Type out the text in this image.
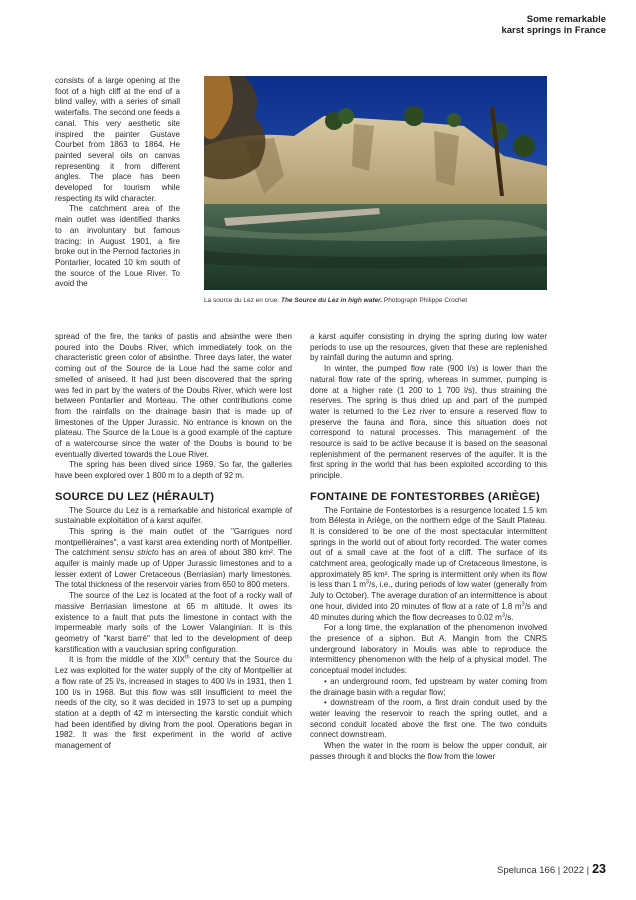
Some remarkable
karst springs in France

consists of a large opening at the foot of a high cliff at the end of a blind valley, with a series of small waterfalls. The second one feeds a canal. This very aesthetic site inspired the painter Gustave Courbet from 1863 to 1864. He painted several oils on canvas representing it from different angles. The place has been developed for tourism while respecting its wild character.

The catchment area of the main outlet was identified thanks to an involuntary but famous tracing: in August 1901, a fire broke out in the Pernod factories in Pontarlier, located 10 km south of the source of the Loue River. To avoid the

La source du Lez en crue. The Source du Lez in high water. Photograph Philippe Crochet

spread of the fire, the tanks of pastis and absinthe were then poured into the Doubs River, which immediately took on the characteristic green color of absinthe. Three days later, the water coming out of the Source de la Loue had the same color and smelled of aniseed. It had just been discovered that the spring was fed in part by the waters of the Doubs River, which were lost between Pontarlier and Morteau. The other contributions come from the rainfalls on the drainage basin that is made up of limestones of the Upper Jurassic. No entrance is known on the plateau. The Source de la Loue is a good example of the capture of a watercourse since the water of the Doubs is bound to be eventually diverted towards the Loue River.

The spring has been dived since 1969. So far, the galleries have been explored over 1 800 m to a depth of 92 m.

SOURCE DU LEZ (HÉRAULT)

The Source du Lez is a remarkable and historical example of sustainable exploitation of a karst aquifer.

This spring is the main outlet of the "Garrigues nord montpelliéraines", a vast karst area extending north of Montpellier. The catchment sensu stricto has an area of about 380 km². The aquifer is mainly made up of Upper Jurassic limestones and to a lesser extent of Lower Cretaceous (Berriasian) marly limestones. The total thickness of the reservoir varies from 650 to 800 meters.

The source of the Lez is located at the foot of a rocky wall of massive Berriasian limestone at 65 m altitude. It owes its existence to a fault that puts the limestone in contact with the impermeable marly soils of the Lower Valanginian. It is this geometry of "karst barré" that led to the development of deep karstification with a vauclusian spring configuration.

It is from the middle of the XIXth century that the Source du Lez was exploited for the water supply of the city of Montpellier at a flow rate of 25 l/s, increased in stages to 400 l/s in 1931, then 1 100 l/s in 1968. But this flow was still insufficient to meet the needs of the city, so it was decided in 1973 to set up a pumping station at a depth of 42 m intersecting the karstic conduit which had been identified by diving from the pool. Operations began in 1982. It was the first experiment in the world of active management of

a karst aquifer consisting in drying the spring during low water periods to use up the resources, given that these are replenished by rainfall during the autumn and spring.

In winter, the pumped flow rate (900 l/s) is lower than the natural flow rate of the spring, whereas in summer, pumping is done at a higher rate (1 200 to 1 700 l/s), thus straining the reserves. The spring is thus dried up and part of the pumped water is returned to the Lez river to ensure a reserved flow to preserve the fauna and flora, since this situation does not correspond to natural processes. This management of the resource is said to be active because it is based on the seasonal replenishment of the permanent reserves of the aquifer. It is the first spring in the world that has been exploited according to this principle.

FONTAINE DE FONTESTORBES (ARIÈGE)

The Fontaine de Fontestorbes is a resurgence located 1.5 km from Bélesta in Ariège, on the northern edge of the Sault Plateau. It is considered to be one of the most spectacular intermittent springs in the world out of about forty recorded. The water comes out of a small cave at the foot of a cliff. The surface of its catchment area, geologically made up of Cretaceous limestone, is approximately 85 km². The spring is intermittent only when its flow is less than 1 $m^3/s$, i.e., during periods of low water (generally from July to October). The average duration of an intermittence is about one hour, divided into 20 minutes of flow at a rate of 1.8 $m^3/s$ and 40 minutes during which the flow decreases to 0.02 $m^3/s$.

For a long time, the explanation of the phenomenon involved the presence of a siphon. But A. Mangin from the CNRS underground laboratory in Moulis was able to reproduce the intermittency phenomenon with the help of a physical model. The conceptual model includes:

• an underground room, fed upstream by water coming from the drainage basin with a regular flow;

• downstream of the room, a first drain conduit used by the water leaving the reservoir to reach the spring outlet, and a second conduit located above the first one. The two conduits connect downstream.

When the water in the room is below the upper conduit, air passes through it and blocks the flow from the lower

Spelunca 166 | 2022 | 23
